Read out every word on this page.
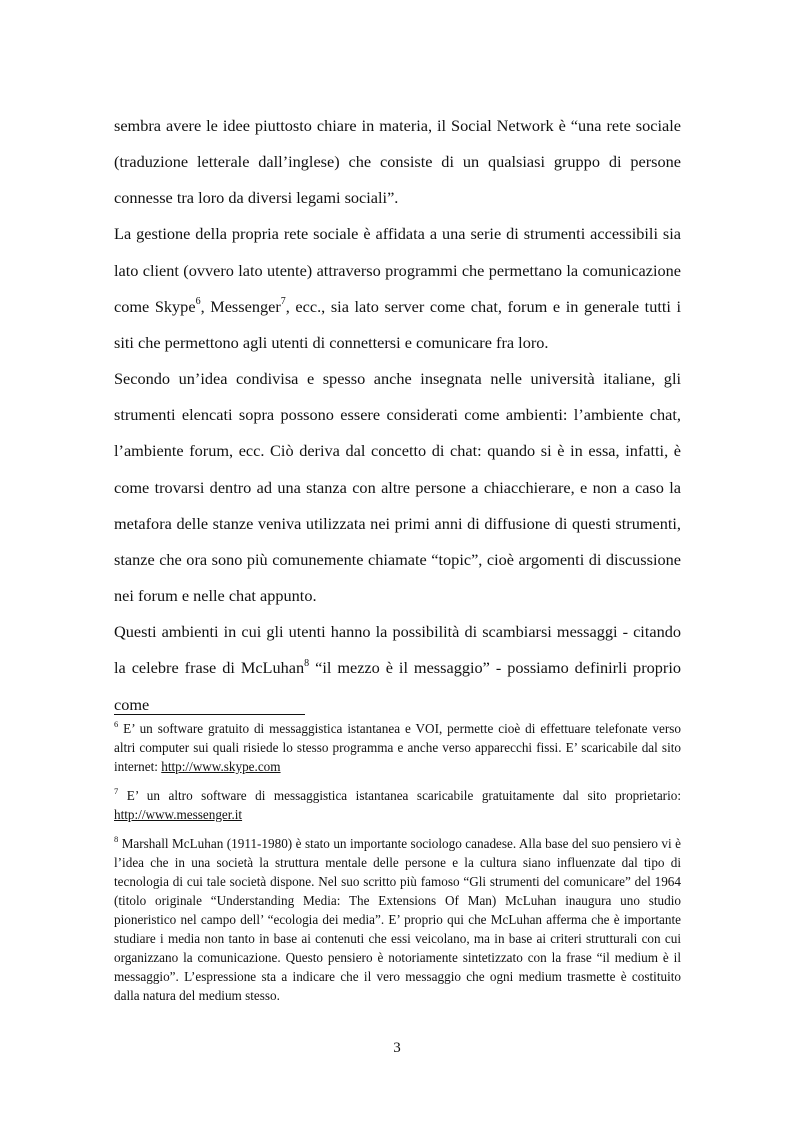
sembra avere le idee piuttosto chiare in materia, il Social Network è “una rete sociale (traduzione letterale dall’inglese) che consiste di un qualsiasi gruppo di persone connesse tra loro da diversi legami sociali”.

La gestione della propria rete sociale è affidata a una serie di strumenti accessibili sia lato client (ovvero lato utente) attraverso programmi che permettano la comunicazione come Skype$^6$, Messenger$^7$, ecc., sia lato server come chat, forum e in generale tutti i siti che permettono agli utenti di connettersi e comunicare fra loro.

Secondo un’idea condivisa e spesso anche insegnata nelle università italiane, gli strumenti elencati sopra possono essere considerati come ambienti: l’ambiente chat, l’ambiente forum, ecc. Ciò deriva dal concetto di chat: quando si è in essa, infatti, è come trovarsi dentro ad una stanza con altre persone a chiacchierare, e non a caso la metafora delle stanze veniva utilizzata nei primi anni di diffusione di questi strumenti, stanze che ora sono più comunemente chiamate “topic”, cioè argomenti di discussione nei forum e nelle chat appunto.

Questi ambienti in cui gli utenti hanno la possibilità di scambiarsi messaggi - citando la celebre frase di McLuhan$^8$ “il mezzo è il messaggio” - possiamo definirli proprio come

$^6$ E’ un software gratuito di messaggistica istantanea e VOI, permette cioè di effettuare telefonate verso altri computer sui quali risiede lo stesso programma e anche verso apparecchi fissi. E’ scaricabile dal sito internet: http://www.skype.com

$^7$ E’ un altro software di messaggistica istantanea scaricabile gratuitamente dal sito proprietario: http://www.messenger.it

$^8$ Marshall McLuhan (1911-1980) è stato un importante sociologo canadese. Alla base del suo pensiero vi è l’idea che in una società la struttura mentale delle persone e la cultura siano influenzate dal tipo di tecnologia di cui tale società dispone. Nel suo scritto più famoso “Gli strumenti del comunicare” del 1964 (titolo originale “Understanding Media: The Extensions Of Man) McLuhan inaugura uno studio pioneristico nel campo dell’ “ecologia dei media”. E’ proprio qui che McLuhan afferma che è importante studiare i media non tanto in base ai contenuti che essi veicolano, ma in base ai criteri strutturali con cui organizzano la comunicazione. Questo pensiero è notoriamente sintetizzato con la frase “il medium è il messaggio”. L’espressione sta a indicare che il vero messaggio che ogni medium trasmette è costituito dalla natura del medium stesso.

3
